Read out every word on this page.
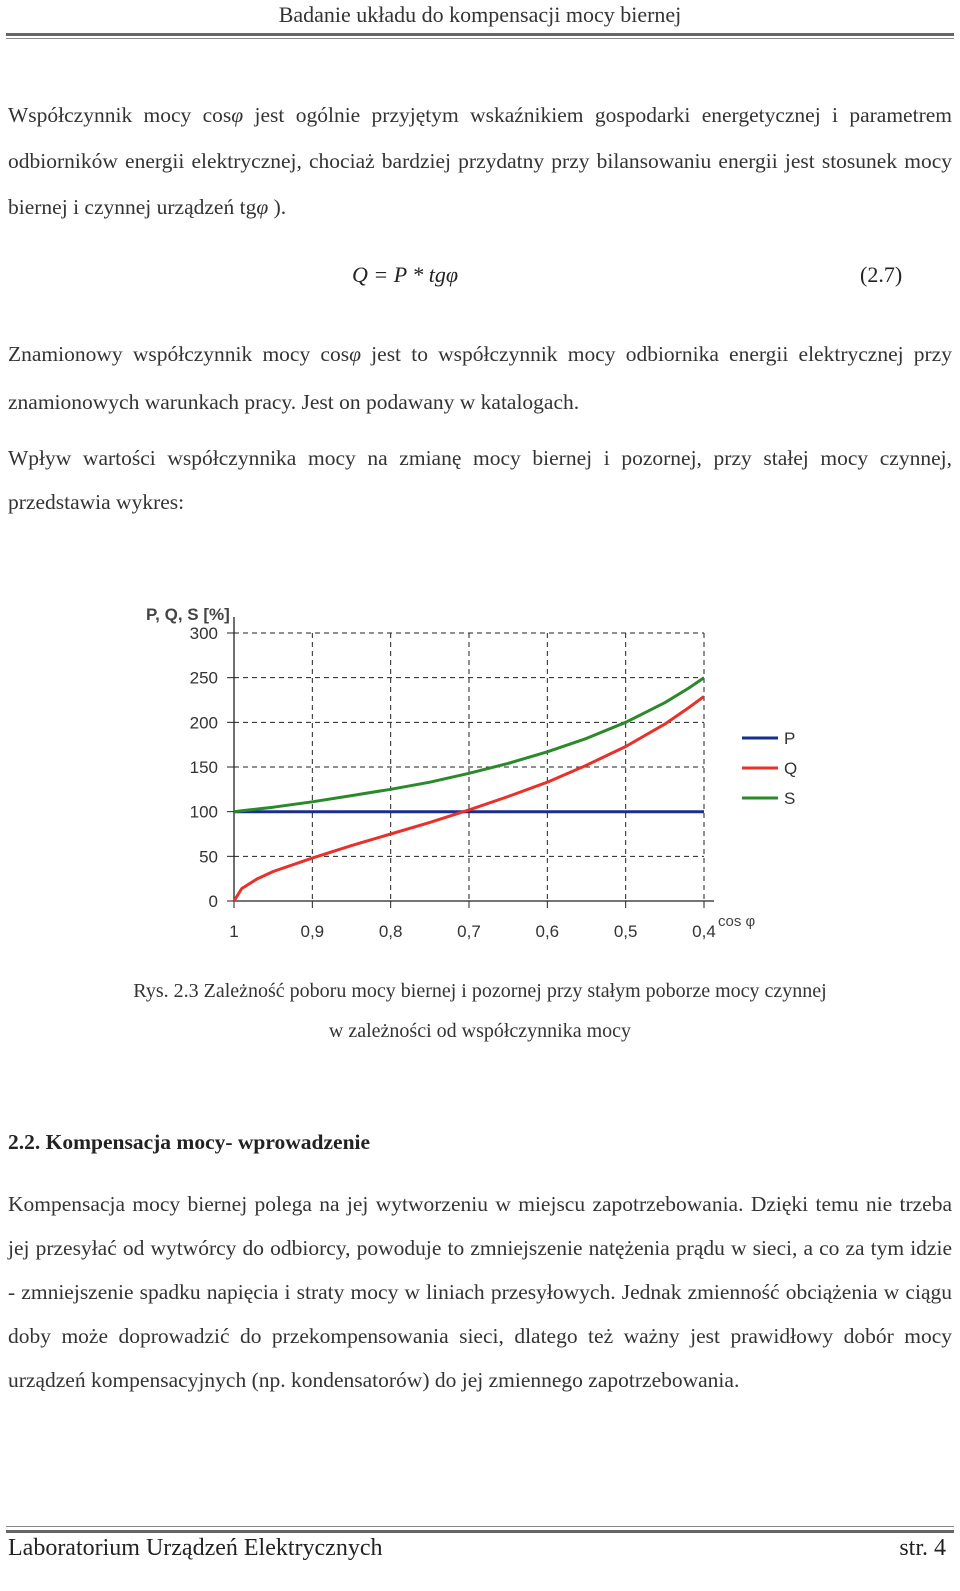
Badanie układu do kompensacji mocy biernej

Współczynnik mocy cosφ jest ogólnie przyjętym wskaźnikiem gospodarki energetycznej i parametrem odbiorników energii elektrycznej, chociaż bardziej przydatny przy bilansowaniu energii jest stosunek mocy biernej i czynnej urządzeń tgφ ).

Q = P * tgφ	(2.7)

Znamionowy współczynnik mocy cosφ jest to współczynnik mocy odbiornika energii elektrycznej przy znamionowych warunkach pracy. Jest on podawany w katalogach.

Wpływ wartości współczynnika mocy na zmianę mocy biernej i pozornej, przy stałej mocy czynnej, przedstawia wykres:

1	0,9	0,8	0,7	0,6	0,5	0,4
300
250
200
150
100
50
0
P, Q, S [%]
cos φ
P
Q
S
Rys. 2.3 Zależność poboru mocy biernej i pozornej przy stałym poborze mocy czynnej
w zależności od współczynnika mocy
2.2. Kompensacja mocy- wprowadzenie

Kompensacja mocy biernej polega na jej wytworzeniu w miejscu zapotrzebowania. Dzięki temu nie trzeba jej przesyłać od wytwórcy do odbiorcy, powoduje to zmniejszenie natężenia prądu w sieci, a co za tym idzie - zmniejszenie spadku napięcia i straty mocy w liniach przesyłowych. Jednak zmienność obciążenia w ciągu doby może doprowadzić do przekompensowania sieci, dlatego też ważny jest prawidłowy dobór mocy urządzeń kompensacyjnych (np. kondensatorów) do jej zmiennego zapotrzebowania.

Laboratorium Urządzeń Elektrycznych	str. 4
